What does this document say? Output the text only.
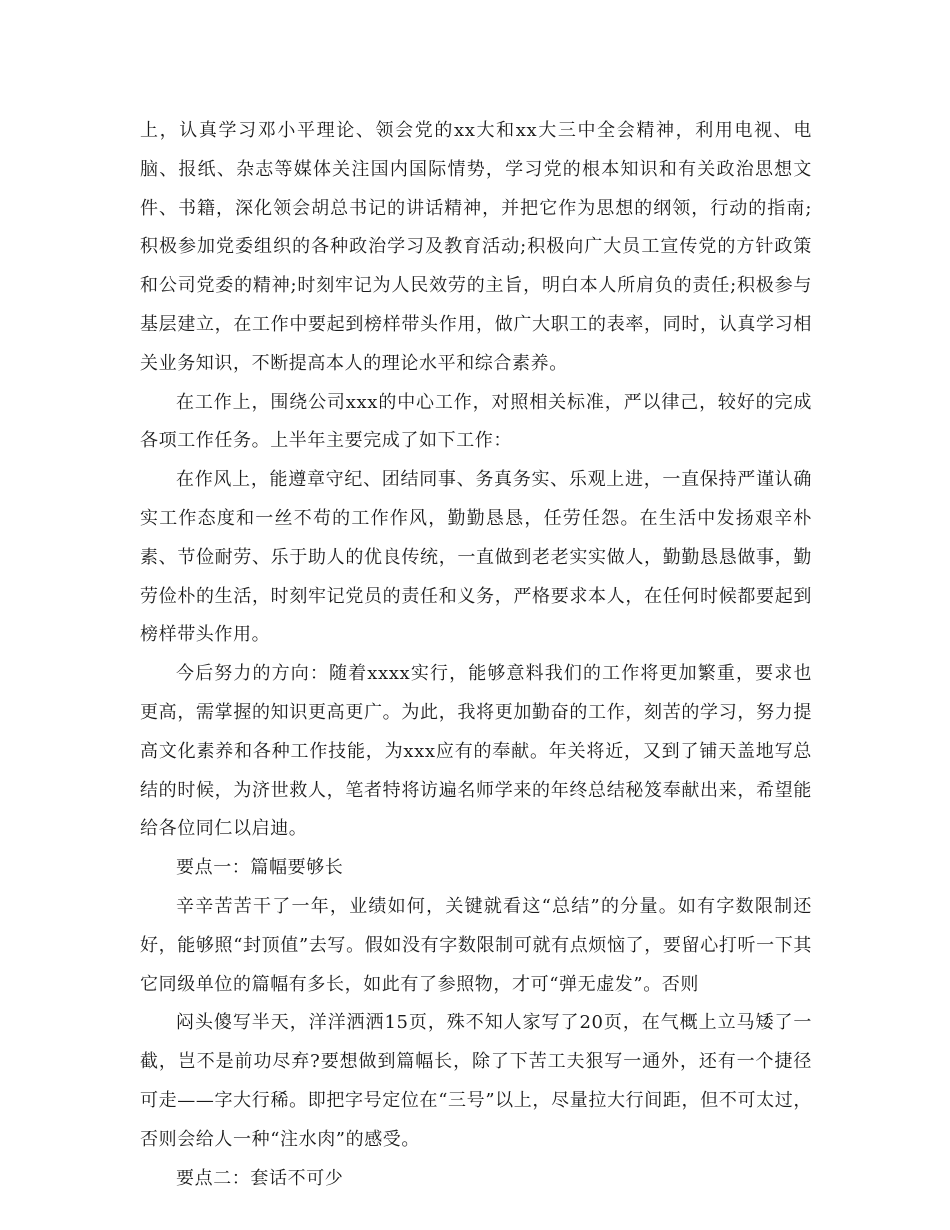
上，认真学习邓小平理论、领会党的xx大和xx大三中全会精神，利用电视、电脑、报纸、杂志等媒体关注国内国际情势，学习党的根本知识和有关政治思想文件、书籍，深化领会胡总书记的讲话精神，并把它作为思想的纲领，行动的指南;积极参加党委组织的各种政治学习及教育活动;积极向广大员工宣传党的方针政策和公司党委的精神;时刻牢记为人民效劳的主旨，明白本人所肩负的责任;积极参与基层建立，在工作中要起到榜样带头作用，做广大职工的表率，同时，认真学习相关业务知识，不断提高本人的理论水平和综合素养。

在工作上，围绕公司xxx的中心工作，对照相关标准，严以律己，较好的完成各项工作任务。上半年主要完成了如下工作：

在作风上，能遵章守纪、团结同事、务真务实、乐观上进，一直保持严谨认确实工作态度和一丝不苟的工作作风，勤勤恳恳，任劳任怨。在生活中发扬艰辛朴素、节俭耐劳、乐于助人的优良传统，一直做到老老实实做人，勤勤恳恳做事，勤劳俭朴的生活，时刻牢记党员的责任和义务，严格要求本人，在任何时候都要起到榜样带头作用。

今后努力的方向：随着xxxx实行，能够意料我们的工作将更加繁重，要求也更高，需掌握的知识更高更广。为此，我将更加勤奋的工作，刻苦的学习，努力提高文化素养和各种工作技能，为xxx应有的奉献。年关将近，又到了铺天盖地写总结的时候，为济世救人，笔者特将访遍名师学来的年终总结秘笈奉献出来，希望能给各位同仁以启迪。

要点一：篇幅要够长

辛辛苦苦干了一年，业绩如何，关键就看这“总结”的分量。如有字数限制还好，能够照“封顶值”去写。假如没有字数限制可就有点烦恼了，要留心打听一下其它同级单位的篇幅有多长，如此有了参照物，才可“弹无虚发”。否则

闷头傻写半天，洋洋洒洒15页，殊不知人家写了20页，在气概上立马矮了一截，岂不是前功尽弃?要想做到篇幅长，除了下苦工夫狠写一通外，还有一个捷径可走——字大行稀。即把字号定位在“三号”以上，尽量拉大行间距，但不可太过，否则会给人一种“注水肉”的感受。

要点二：套话不可少
